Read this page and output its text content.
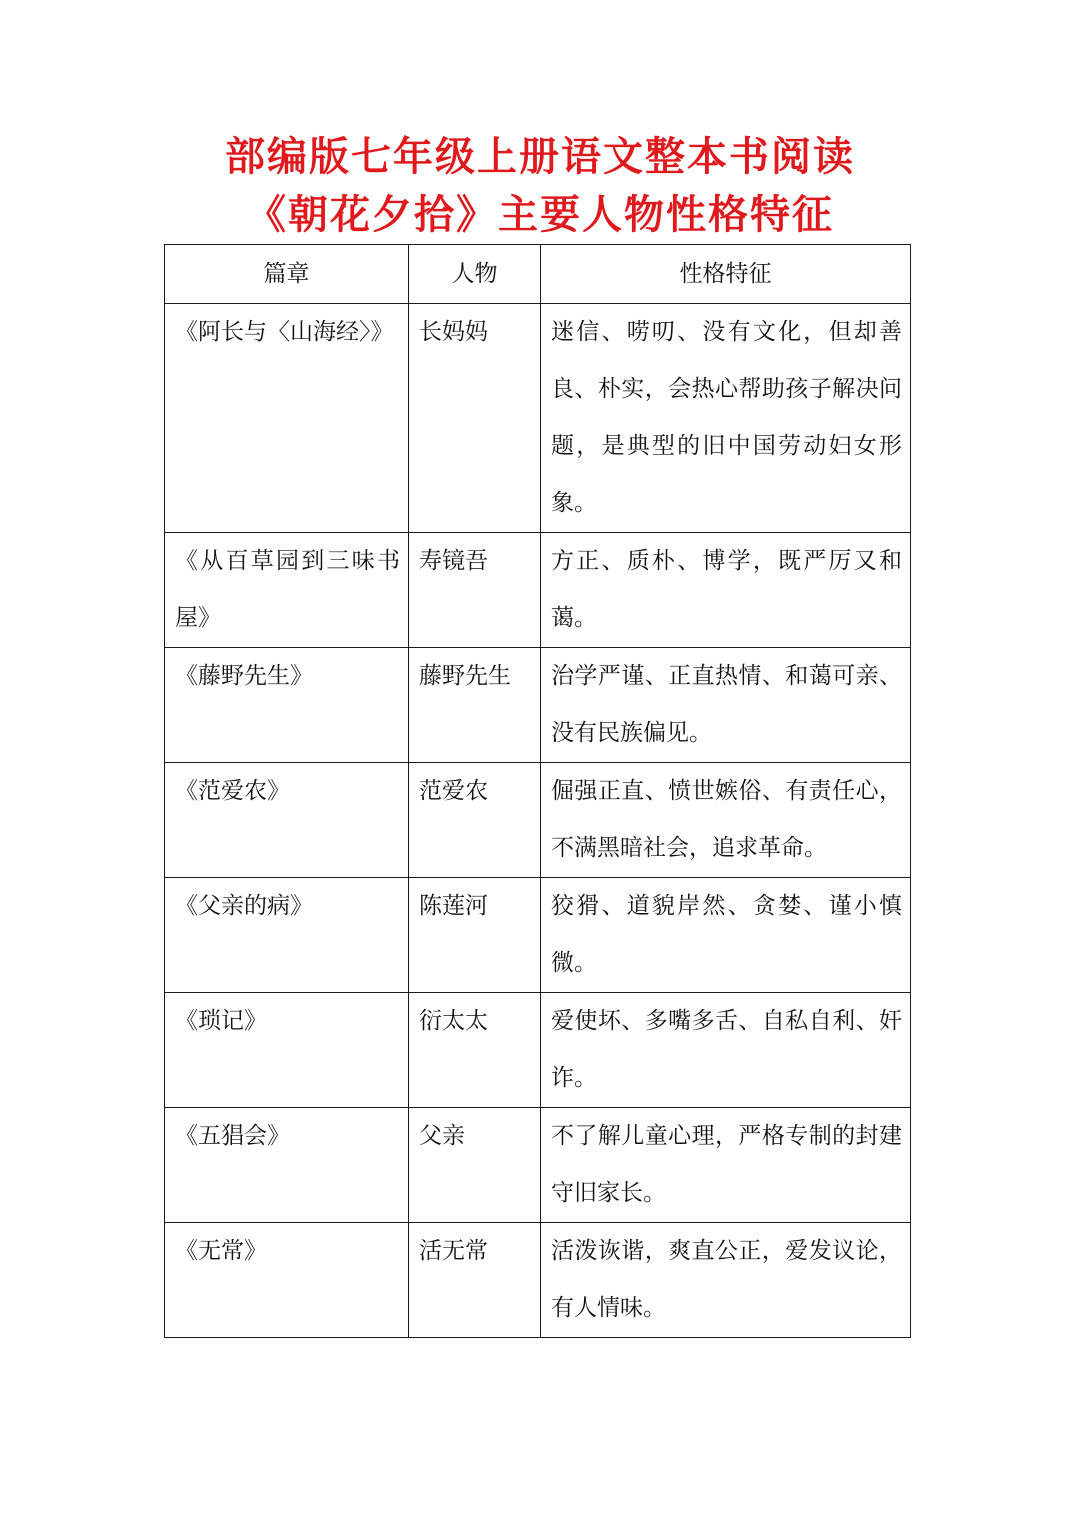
部编版七年级上册语文整本书阅读
《朝花夕拾》主要人物性格特征
篇章	人物	性格特征
《阿长与〈山海经〉》	长妈妈	迷信、唠叨、没有文化，但却善良、朴实，会热心帮助孩子解决问题，是典型的旧中国劳动妇女形象。
《从百草园到三味书屋》	寿镜吾	方正、质朴、博学，既严厉又和蔼。
《藤野先生》	藤野先生	治学严谨、正直热情、和蔼可亲、没有民族偏见。
《范爱农》	范爱农	倔强正直、愤世嫉俗、有责任心，不满黑暗社会，追求革命。
《父亲的病》	陈莲河	狡猾、道貌岸然、贪婪、谨小慎微。
《琐记》	衍太太	爱使坏、多嘴多舌、自私自利、奸诈。
《五猖会》	父亲	不了解儿童心理，严格专制的封建守旧家长。
《无常》	活无常	活泼诙谐，爽直公正，爱发议论，有人情味。
